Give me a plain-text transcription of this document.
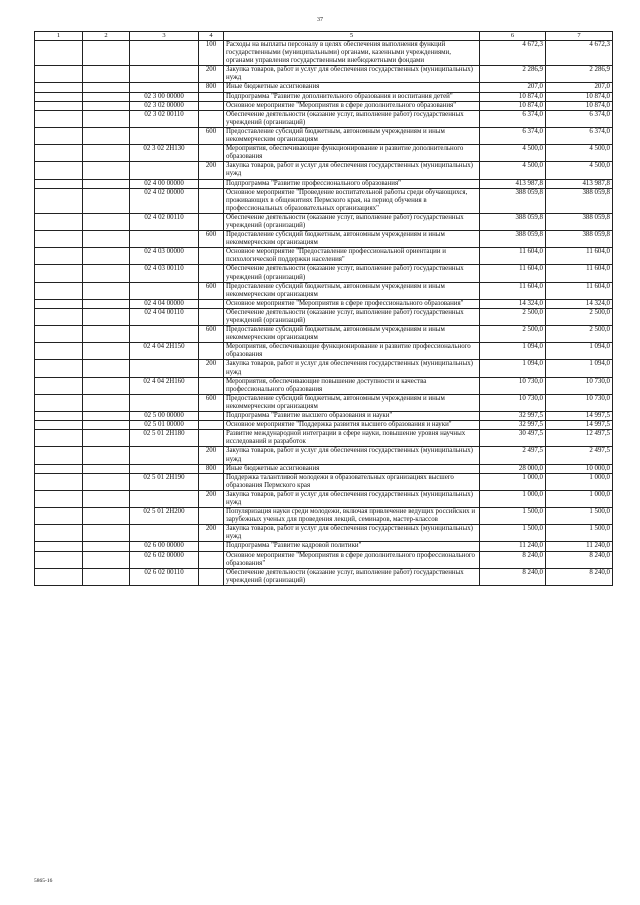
37
1	2	3	4	5	6	7
			100	Расходы на выплаты персоналу в целях обеспечения выполнения функций государственными (муниципальными) органами, казенными учреждениями, органами управления государственными внебюджетными фондами	4 672,3	4 672,3
			200	Закупка товаров, работ и услуг для обеспечения государственных (муниципальных) нужд	2 286,9	2 286,9
			800	Иные бюджетные ассигнования	207,0	207,0
		02 3 00 00000		Подпрограмма "Развитие дополнительного образования и воспитания детей"	10 874,0	10 874,0
		02 3 02 00000		Основное мероприятие "Мероприятия в сфере дополнительного образования"	10 874,0	10 874,0
		02 3 02 00110		Обеспечение деятельности (оказание услуг, выполнение работ) государственных учреждений (организаций)	6 374,0	6 374,0
			600	Предоставление субсидий бюджетным, автономным учреждениям и иным некоммерческим организациям	6 374,0	6 374,0
		02 3 02 2Н130		Мероприятия, обеспечивающие функционирование и развитие дополнительного образования	4 500,0	4 500,0
			200	Закупка товаров, работ и услуг для обеспечения государственных (муниципальных) нужд	4 500,0	4 500,0
		02 4 00 00000		Подпрограмма "Развитие профессионального образования"	413 987,8	413 987,8
		02 4 02 00000		Основное мероприятие "Проведение воспитательной работы среди обучающихся, проживающих в общежитиях Пермского края, на период обучения в профессиональных образовательных организациях"	388 059,8	388 059,8
		02 4 02 00110		Обеспечение деятельности (оказание услуг, выполнение работ) государственных учреждений (организаций)	388 059,8	388 059,8
			600	Предоставление субсидий бюджетным, автономным учреждениям и иным некоммерческим организациям	388 059,8	388 059,8
		02 4 03 00000		Основное мероприятие "Предоставление профессиональной ориентации и психологической поддержки населения"	11 604,0	11 604,0
		02 4 03 00110		Обеспечение деятельности (оказание услуг, выполнение работ) государственных учреждений (организаций)	11 604,0	11 604,0
			600	Предоставление субсидий бюджетным, автономным учреждениям и иным некоммерческим организациям	11 604,0	11 604,0
		02 4 04 00000		Основное мероприятие "Мероприятия в сфере профессионального образования"	14 324,0	14 324,0
		02 4 04 00110		Обеспечение деятельности (оказание услуг, выполнение работ) государственных учреждений (организаций)	2 500,0	2 500,0
			600	Предоставление субсидий бюджетным, автономным учреждениям и иным некоммерческим организациям	2 500,0	2 500,0
		02 4 04 2Н150		Мероприятия, обеспечивающие функционирование и развитие профессионального образования	1 094,0	1 094,0
			200	Закупка товаров, работ и услуг для обеспечения государственных (муниципальных) нужд	1 094,0	1 094,0
		02 4 04 2Н160		Мероприятия, обеспечивающие повышение доступности и качества профессионального образования	10 730,0	10 730,0
			600	Предоставление субсидий бюджетным, автономным учреждениям и иным некоммерческим организациям	10 730,0	10 730,0
		02 5 00 00000		Подпрограмма "Развитие высшего образования и науки"	32 997,5	14 997,5
		02 5 01 00000		Основное мероприятие "Поддержка развития высшего образования и науки"	32 997,5	14 997,5
		02 5 01 2Н180		Развитие международной интеграции в сфере науки, повышение уровня научных исследований и разработок	30 497,5	12 497,5
			200	Закупка товаров, работ и услуг для обеспечения государственных (муниципальных) нужд	2 497,5	2 497,5
			800	Иные бюджетные ассигнования	28 000,0	10 000,0
		02 5 01 2Н190		Поддержка талантливой молодежи в образовательных организациях высшего образования Пермского края	1 000,0	1 000,0
			200	Закупка товаров, работ и услуг для обеспечения государственных (муниципальных) нужд	1 000,0	1 000,0
		02 5 01 2Н200		Популяризация науки среди молодежи, включая привлечение ведущих российских и зарубежных ученых для проведения лекций, семинаров, мастер-классов	1 500,0	1 500,0
			200	Закупка товаров, работ и услуг для обеспечения государственных (муниципальных) нужд	1 500,0	1 500,0
		02 6 00 00000		Подпрограмма "Развитие кадровой политики"	11 240,0	11 240,0
		02 6 02 00000		Основное мероприятие "Мероприятия в сфере дополнительного профессионального образования"	8 240,0	8 240,0
		02 6 02 00110		Обеспечение деятельности (оказание услуг, выполнение работ) государственных учреждений (организаций)	8 240,0	8 240,0
5865-16
